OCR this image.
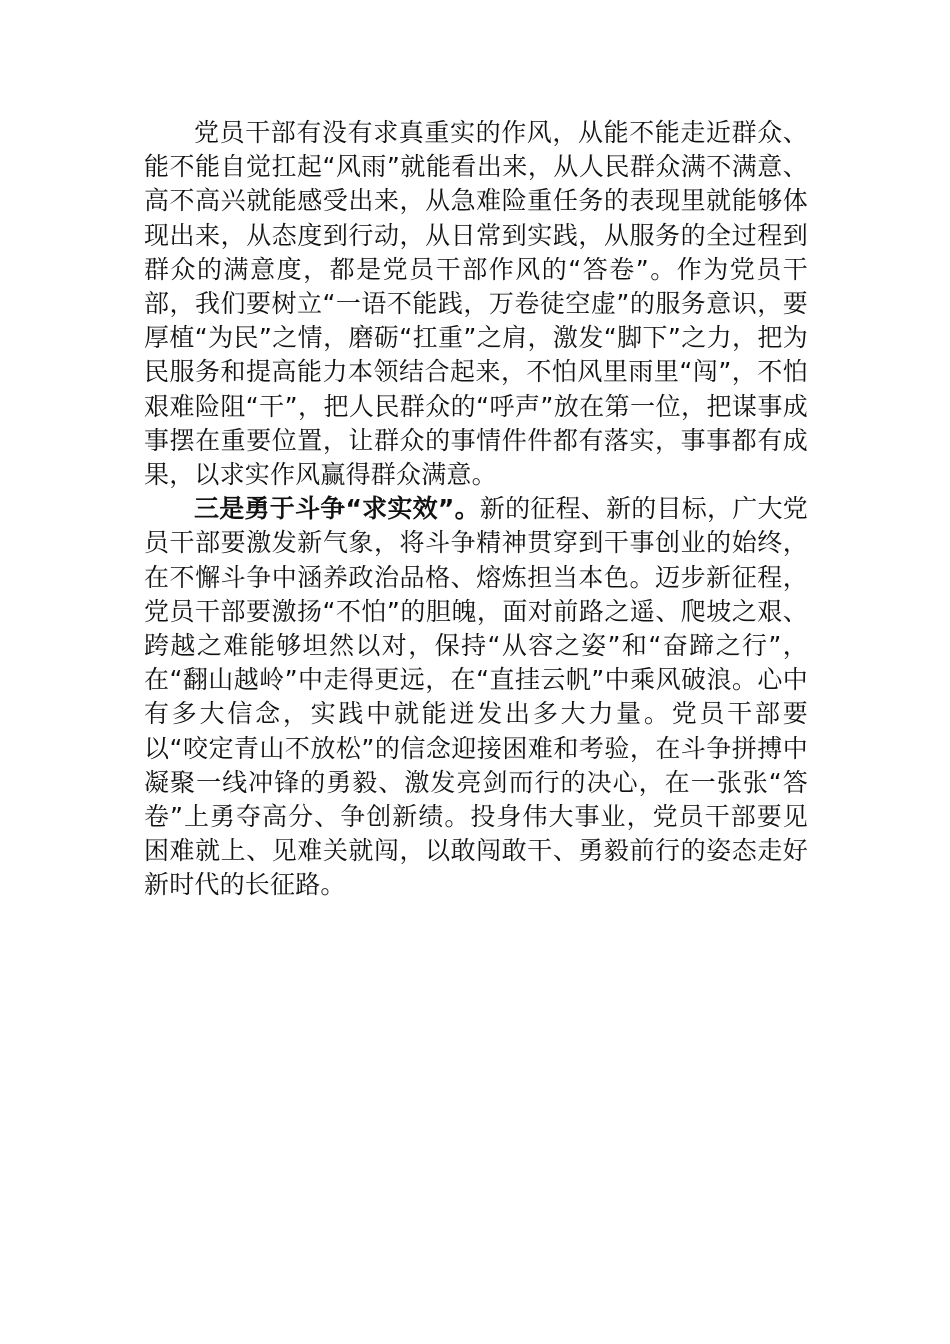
党员干部有没有求真重实的作风，从能不能走近群众、能不能自觉扛起“风雨”就能看出来，从人民群众满不满意、高不高兴就能感受出来，从急难险重任务的表现里就能够体现出来，从态度到行动，从日常到实践，从服务的全过程到群众的满意度，都是党员干部作风的“答卷”。作为党员干部，我们要树立“一语不能践，万卷徒空虚”的服务意识，要厚植“为民”之情，磨砺“扛重”之肩，激发“脚下”之力，把为民服务和提高能力本领结合起来，不怕风里雨里“闯”，不怕艰难险阻“干”，把人民群众的“呼声”放在第一位，把谋事成事摆在重要位置，让群众的事情件件都有落实，事事都有成果，以求实作风赢得群众满意。

三是勇于斗争“求实效”。新的征程、新的目标，广大党员干部要激发新气象，将斗争精神贯穿到干事创业的始终，在不懈斗争中涵养政治品格、熔炼担当本色。迈步新征程，党员干部要激扬“不怕”的胆魄，面对前路之遥、爬坡之艰、跨越之难能够坦然以对，保持“从容之姿”和“奋蹄之行”，在“翻山越岭”中走得更远，在“直挂云帆”中乘风破浪。心中有多大信念，实践中就能迸发出多大力量。党员干部要以“咬定青山不放松”的信念迎接困难和考验，在斗争拼搏中凝聚一线冲锋的勇毅、激发亮剑而行的决心，在一张张“答卷”上勇夺高分、争创新绩。投身伟大事业，党员干部要见困难就上、见难关就闯，以敢闯敢干、勇毅前行的姿态走好新时代的长征路。
